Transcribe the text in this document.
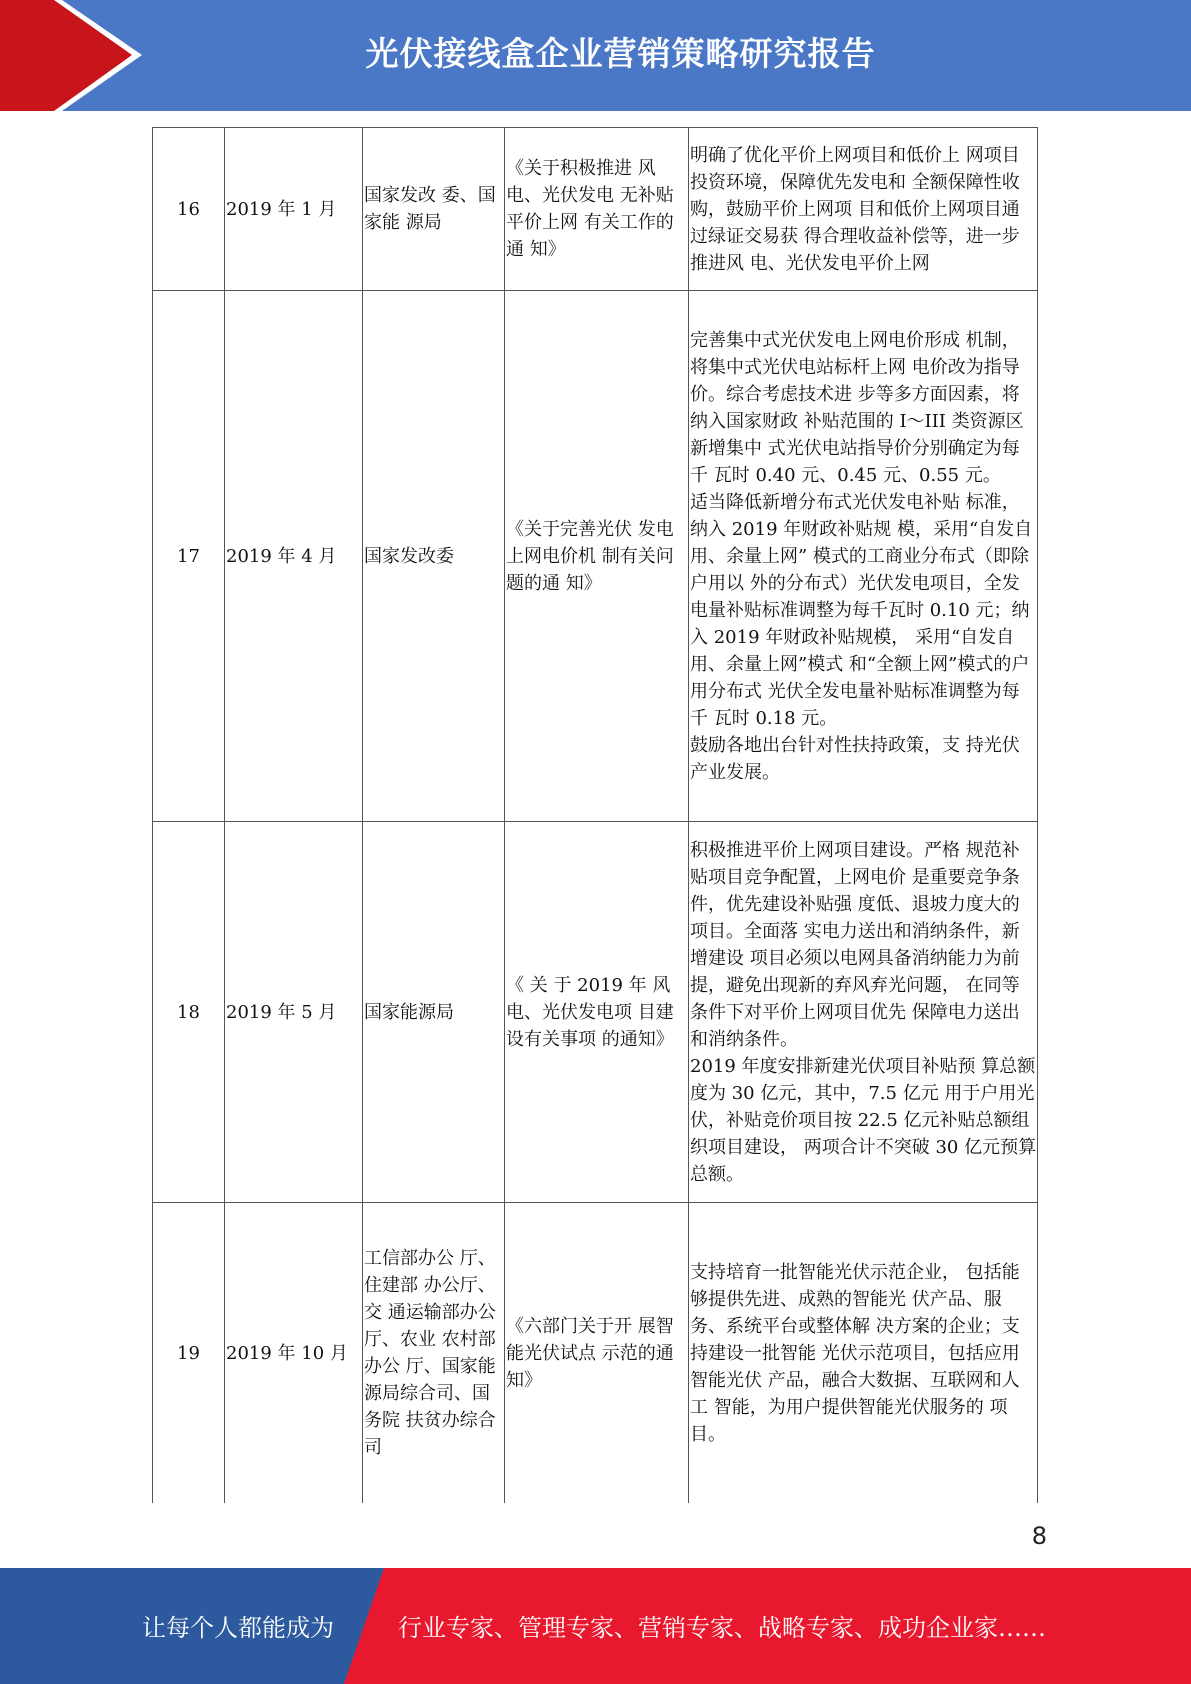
光伏接线盒企业营销策略研究报告
16	2019 年 1 月	国家发改 委、国家能 源局	《关于积极推进 风电、光伏发电 无补贴平价上网 有关工作的通 知》	明确了优化平价上网项目和低价上 网项目投资环境，保障优先发电和 全额保障性收购，鼓励平价上网项 目和低价上网项目通过绿证交易获 得合理收益补偿等，进一步推进风 电、光伏发电平价上网

17	2019 年 4 月	国家发改委	《关于完善光伏 发电上网电价机 制有关问题的通 知》	完善集中式光伏发电上网电价形成 机制，将集中式光伏电站标杆上网 电价改为指导价。综合考虑技术进 步等多方面因素，将纳入国家财政 补贴范围的 I～III 类资源区新增集中 式光伏电站指导价分别确定为每千 瓦时 0.40 元、0.45 元、0.55 元。
适当降低新增分布式光伏发电补贴 标准，纳入 2019 年财政补贴规 模，采用“自发自用、余量上网” 模式的工商业分布式（即除户用以 外的分布式）光伏发电项目，全发 电量补贴标准调整为每千瓦时 0.10 元；纳入 2019 年财政补贴规模， 采用“自发自用、余量上网”模式 和“全额上网”模式的户用分布式 光伏全发电量补贴标准调整为每千 瓦时 0.18 元。
鼓励各地出台针对性扶持政策，支 持光伏产业发展。

18	2019 年 5 月	国家能源局	《 关 于 2019 年 风电、光伏发电项 目建设有关事项 的通知》	积极推进平价上网项目建设。严格 规范补贴项目竞争配置，上网电价 是重要竞争条件，优先建设补贴强 度低、退坡力度大的项目。全面落 实电力送出和消纳条件，新增建设 项目必须以电网具备消纳能力为前 提，避免出现新的弃风弃光问题， 在同等条件下对平价上网项目优先 保障电力送出和消纳条件。
2019 年度安排新建光伏项目补贴预 算总额度为 30 亿元，其中，7.5 亿元 用于户用光伏，补贴竞价项目按 22.5 亿元补贴总额组织项目建设， 两项合计不突破 30 亿元预算总额。

19	2019 年 10 月	工信部办公 厅、住建部 办公厅、交 通运输部办公厅、农业 农村部办公 厅、国家能 源局综合司、国务院 扶贫办综合 司	《六部门关于开 展智能光伏试点 示范的通知》	支持培育一批智能光伏示范企业， 包括能够提供先进、成熟的智能光 伏产品、服务、系统平台或整体解 决方案的企业；支持建设一批智能 光伏示范项目，包括应用智能光伏 产品，融合大数据、互联网和人工 智能，为用户提供智能光伏服务的 项目。
8
让每个人都能成为	行业专家、管理专家、营销专家、战略专家、成功企业家……
